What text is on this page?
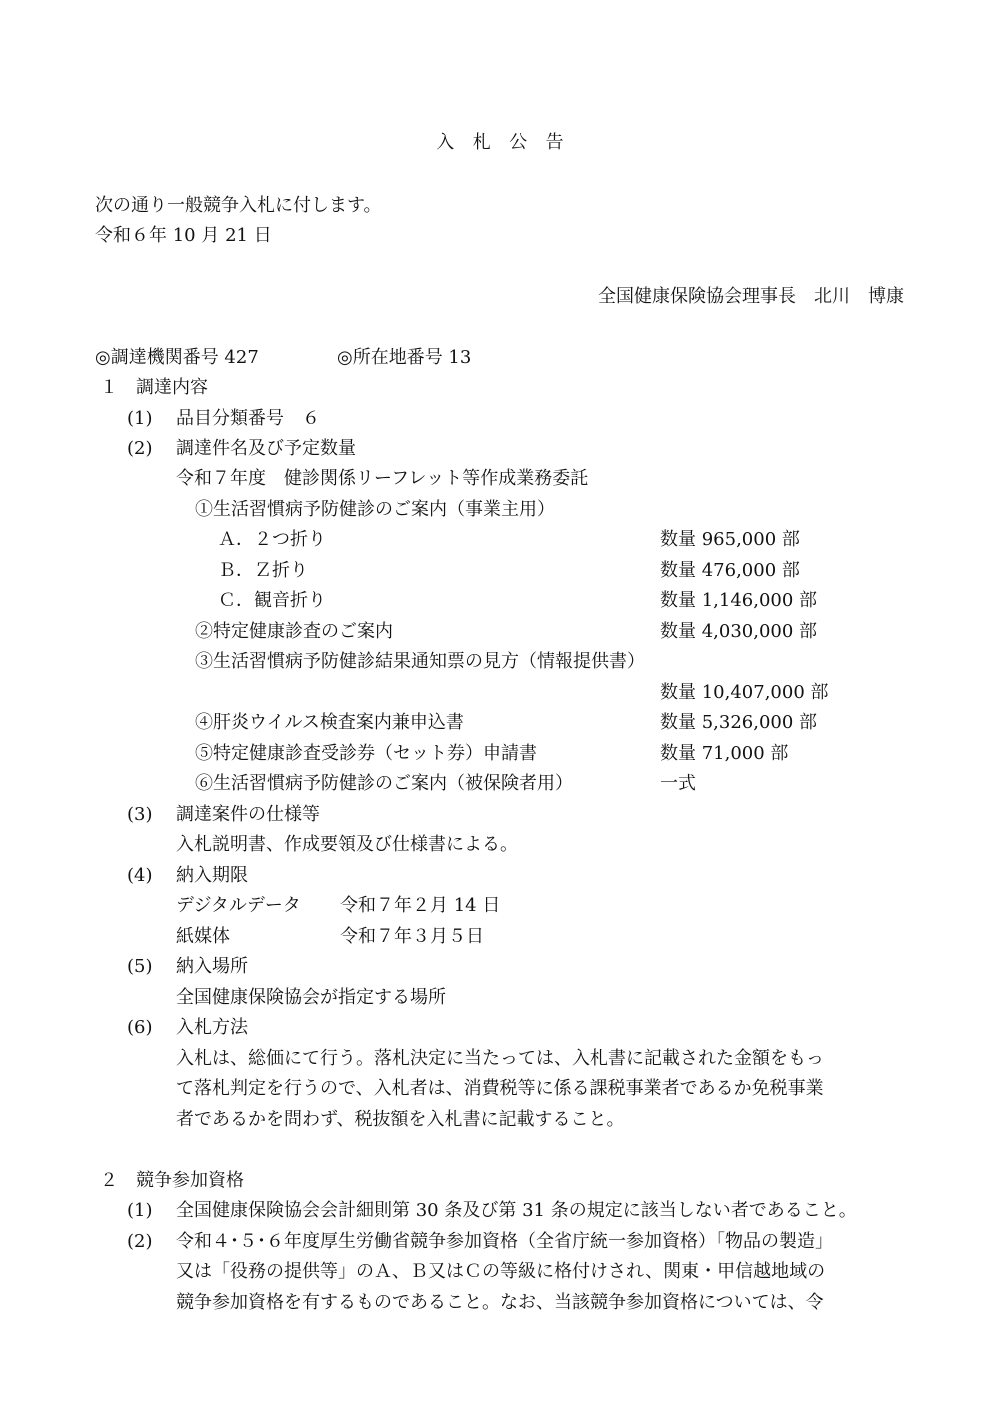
入　札　公　告
次の通り一般競争入札に付します。
令和６年 10 月 21 日
全国健康保険協会理事長　北川　博康
◎調達機関番号 427	◎所在地番号 13
１　調達内容
(1) 品目分類番号　６
(2) 調達件名及び予定数量
令和７年度　健診関係リーフレット等作成業務委託
①生活習慣病予防健診のご案内（事業主用）
Ａ．２つ折り	数量 965,000 部
Ｂ．Ｚ折り	数量 476,000 部
Ｃ．観音折り	数量 1,146,000 部
②特定健康診査のご案内	数量 4,030,000 部
③生活習慣病予防健診結果通知票の見方（情報提供書）
数量 10,407,000 部
④肝炎ウイルス検査案内兼申込書	数量 5,326,000 部
⑤特定健康診査受診券（セット券）申請書	数量 71,000 部
⑥生活習慣病予防健診のご案内（被保険者用）	一式
(3) 調達案件の仕様等
入札説明書、作成要領及び仕様書による。
(4) 納入期限
デジタルデータ 令和７年２月 14 日
紙媒体	令和７年３月５日
(5) 納入場所
全国健康保険協会が指定する場所
(6) 入札方法
入札は、総価にて行う。落札決定に当たっては、入札書に記載された金額をもっ
て落札判定を行うので、入札者は、消費税等に係る課税事業者であるか免税事業
者であるかを問わず、税抜額を入札書に記載すること。
２　競争参加資格
(1) 全国健康保険協会会計細則第 30 条及び第 31 条の規定に該当しない者であること。
(2) 令和４･５･６年度厚生労働省競争参加資格（全省庁統一参加資格）「物品の製造」
又は「役務の提供等」のＡ、Ｂ又はＣの等級に格付けされ、関東・甲信越地域の
競争参加資格を有するものであること。なお、当該競争参加資格については、令
